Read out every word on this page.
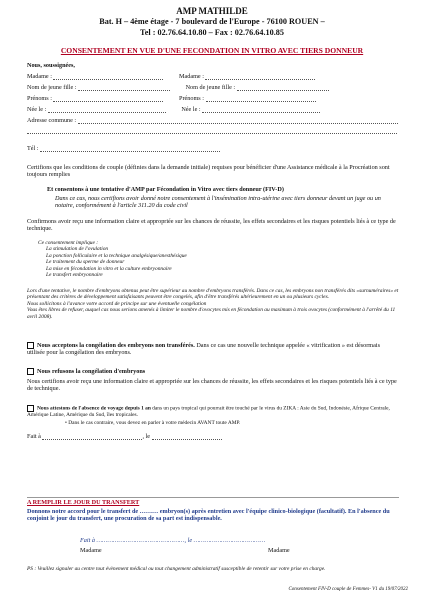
AMP MATHILDE
Bat. H – 4ème étage - 7 boulevard de l'Europe - 76100 ROUEN –
Tel : 02.76.64.10.80 – Fax : 02.76.64.10.85
CONSENTEMENT EN VUE D'UNE FECONDATION IN VITRO AVEC TIERS DONNEUR
Nous, soussignées,
Madame :	Madame :
Nom de jeune fille :	Nom de jeune fille :
Prénoms :	Prénoms :
Née le :	Née le :
Adresse commune :
Tél :
Certifions que les conditions de couple (définies dans la demande initiale) requises pour bénéficier d'une Assistance médicale à la Procréation sont toujours remplies
Et consentons à une tentative d'AMP par Fécondation in Vitro avec tiers donneur (FIV-D)
Dans ce cas, nous certifions avoir donné notre consentement à l'insémination intra-utérine avec tiers donneur devant un juge ou un notaire, conformément à l'article 311.20 du code civil
Confirmons avoir reçu une information claire et appropriée sur les chances de réussite, les effets secondaires et les risques potentiels liés à ce type de technique.
Ce consentement implique :
La stimulation de l'ovulation
La ponction folliculaire et la technique analgésique/anesthésique
Le traitement du sperme de donneur
La mise en fécondation in vitro et la culture embryonnaire
Le transfert embryonnaire
Lors d'une tentative, le nombre d'embryons obtenus peut être supérieur au nombre d'embryons transférés. Dans ce cas, les embryons non transférés dits «surnuméraires» et présentant des critères de développement satisfaisants peuvent être congelés, afin d'être transférés ultérieurement en un ou plusieurs cycles.
Nous sollicitons à l'avance votre accord de principe sur une éventuelle congélation
Vous êtes libres de refuser, auquel cas nous serions amenés à limiter le nombre d'ovocytes mis en fécondation au maximum à trois ovocytes (conformément à l'arrêté du 11 avril 2008).
Nous acceptons la congélation des embryons non transférés. Dans ce cas une nouvelle technique appelée « vitrification » est désormais utilisée pour la congélation des embryons.
Nous refusons la congélation d'embryons
Nous certifions avoir reçu une information claire et appropriée sur les chances de réussite, les effets secondaires et les risques potentiels liés à ce type de technique.
Nous attestons de l'absence de voyage depuis 1 an dans un pays tropical qui pourrait être touché par le virus du ZIKA : Asie du Sud, Indonésie, Afrique Centrale, Amérique Latine, Amérique du Sud, îles tropicales.
• Dans le cas contraire, vous devez en parler à votre médecin AVANT toute AMP.
Fait à	, le
A REMPLIR LE JOUR DU TRANSFERT
Donnons notre accord pour le transfert de ……… embryon(s) après entretien avec l'équipe clinico-biologique (facultatif). En l'absence du conjoint le jour du transfert, une procuration de sa part est indispensable.
Fait à …………………………………………, le …………………………………
Madame	Madame
PS : Veuillez signaler au centre tout évènement médical ou tout changement administratif susceptible de retentir sur votre prise en charge.
Consentement FIV-D couple de Femmes- V1 du 19/07/2022
